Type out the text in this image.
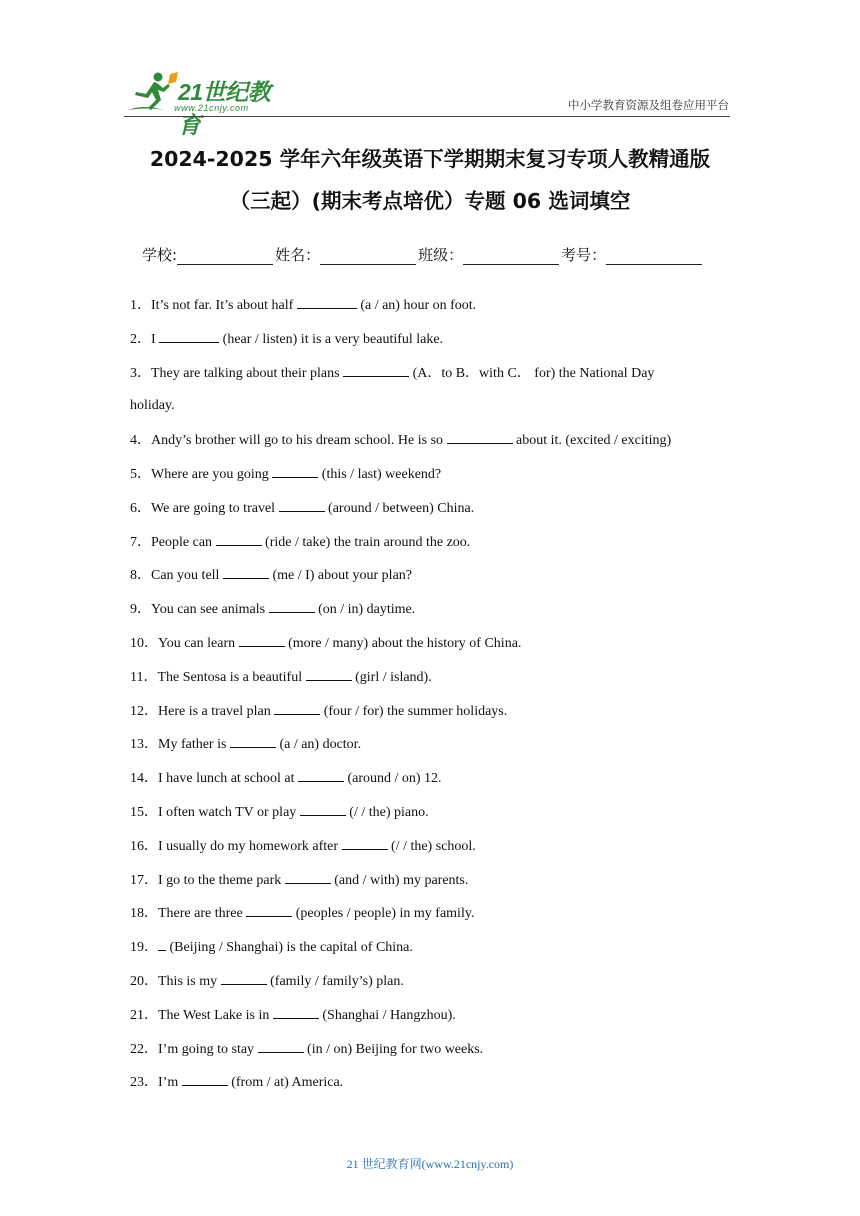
21世纪教育
www.21cnjy.com	中小学教育资源及组卷应用平台
2024-2025 学年六年级英语下学期期末复习专项人教精通版
（三起）(期末考点培优）专题 06 选词填空
学校:	姓名：	班级：	考号：
1．It’s not far. It’s about half	(a / an) hour on foot.
2．I	(hear / listen) it is a very beautiful lake.
3．They are talking about their plans	(A．to B．with C． for) the National Day
holiday.
4．Andy’s brother will go to his dream school. He is so	about it. (excited / exciting)
5．Where are you going	(this / last) weekend?
6．We are going to travel	(around / between) China.
7．People can	(ride / take) the train around the zoo.
8．Can you tell	(me / I) about your plan?
9．You can see animals	(on / in) daytime.
10．You can learn	(more / many) about the history of China.
11．The Sentosa is a beautiful	(girl / island).
12．Here is a travel plan	(four / for) the summer holidays.
13．My father is	(a / an) doctor.
14．I have lunch at school at	(around / on) 12.
15．I often watch TV or play	(/ / the) piano.
16．I usually do my homework after	(/ / the) school.
17．I go to the theme park	(and / with) my parents.
18．There are three	(peoples / people) in my family.
19． (Beijing / Shanghai) is the capital of China.
20．This is my	(family / family’s) plan.
21．The West Lake is in	(Shanghai / Hangzhou).
22．I’m going to stay	(in / on) Beijing for two weeks.
23．I’m	(from / at) America.
21 世纪教育网(www.21cnjy.com)
